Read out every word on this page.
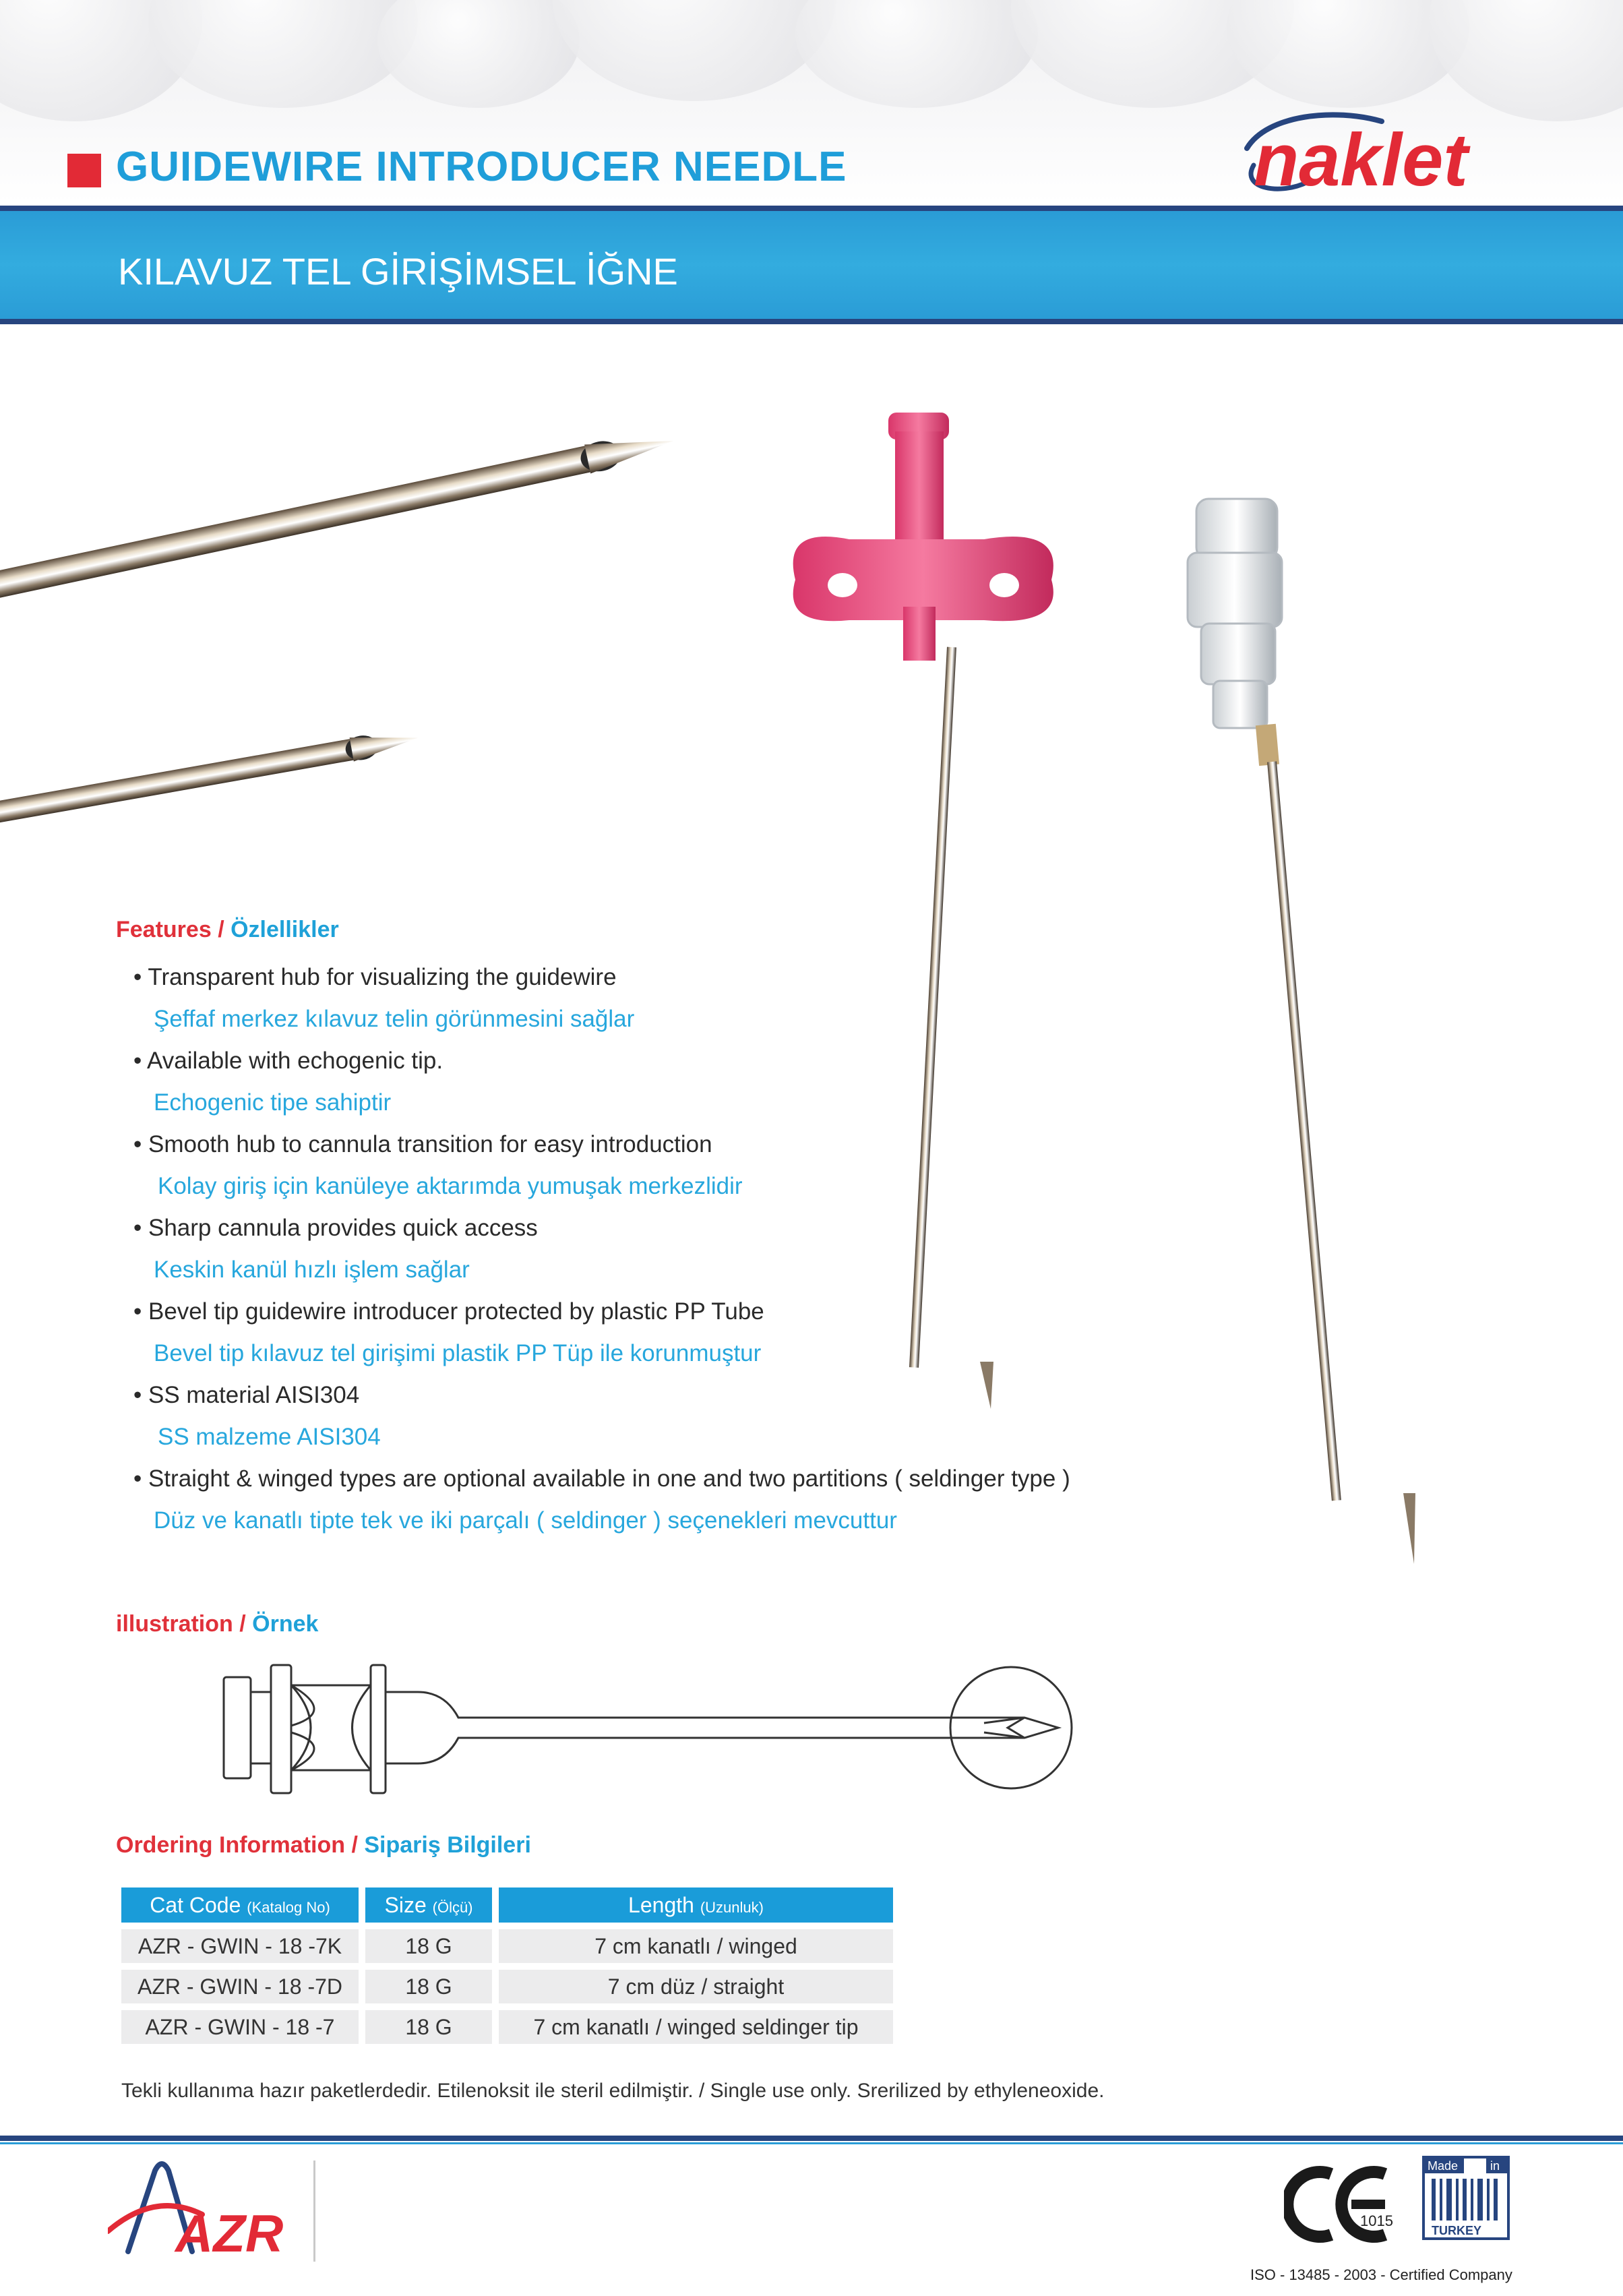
GUIDEWIRE INTRODUCER NEEDLE	naklet
KILAVUZ TEL GİRİŞİMSEL İĞNE
Features / Özlellikler
• Transparent hub for visualizing the guidewire
Şeffaf merkez kılavuz telin görünmesini sağlar
• Available with echogenic tip.
Echogenic tipe sahiptir
• Smooth hub to cannula transition for easy introduction
Kolay giriş için kanüleye aktarımda yumuşak merkezlidir
• Sharp cannula provides quick access
Keskin kanül hızlı işlem sağlar
• Bevel tip guidewire introducer protected by plastic PP Tube
Bevel tip kılavuz tel girişimi plastik PP Tüp ile korunmuştur
• SS material AISI304
SS malzeme AISI304
• Straight & winged types are optional available in one and two partitions ( seldinger type )
Düz ve kanatlı tipte tek ve iki parçalı ( seldinger ) seçenekleri mevcuttur
illustration / Örnek
Ordering Information / Sipariş Bilgileri
Cat Code (Katalog No)	Size (Ölçü)	Length (Uzunluk)
AZR - GWIN - 18 -7K	18 G	7 cm kanatlı / winged
AZR - GWIN - 18 -7D	18 G	7 cm düz / straight
AZR - GWIN - 18 -7	18 G	7 cm kanatlı / winged seldinger tip
Tekli kullanıma hazır paketlerdedir. Etilenoksit ile steril edilmiştir. / Single use only. Srerilized by ethyleneoxide.
AZR	1015
Made	in
TURKEY
ISO - 13485 - 2003 - Certified Company
